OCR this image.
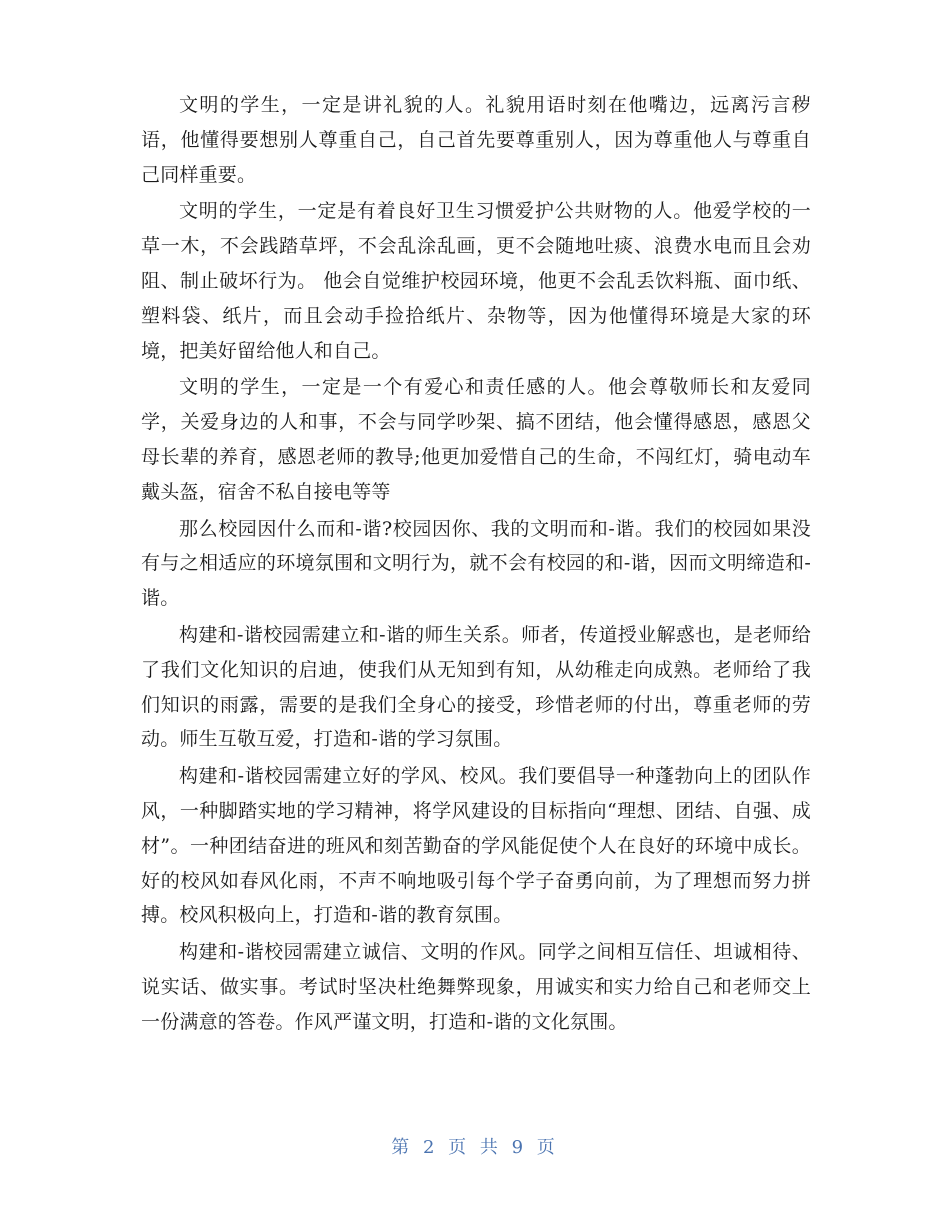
文明的学生，一定是讲礼貌的人。礼貌用语时刻在他嘴边，远离污言秽语，他懂得要想别人尊重自己，自己首先要尊重别人，因为尊重他人与尊重自己同样重要。

文明的学生，一定是有着良好卫生习惯爱护公共财物的人。他爱学校的一草一木，不会践踏草坪，不会乱涂乱画，更不会随地吐痰、浪费水电而且会劝阻、制止破坏行为。 他会自觉维护校园环境，他更不会乱丢饮料瓶、面巾纸、塑料袋、纸片，而且会动手捡拾纸片、杂物等，因为他懂得环境是大家的环境，把美好留给他人和自己。

文明的学生，一定是一个有爱心和责任感的人。他会尊敬师长和友爱同学，关爱身边的人和事，不会与同学吵架、搞不团结，他会懂得感恩，感恩父母长辈的养育，感恩老师的教导;他更加爱惜自己的生命，不闯红灯，骑电动车戴头盔，宿舍不私自接电等等

那么校园因什么而和-谐?校园因你、我的文明而和-谐。我们的校园如果没有与之相适应的环境氛围和文明行为，就不会有校园的和-谐，因而文明缔造和-谐。

构建和-谐校园需建立和-谐的师生关系。师者，传道授业解惑也，是老师给了我们文化知识的启迪，使我们从无知到有知，从幼稚走向成熟。老师给了我们知识的雨露，需要的是我们全身心的接受，珍惜老师的付出，尊重老师的劳动。师生互敬互爱，打造和-谐的学习氛围。

构建和-谐校园需建立好的学风、校风。我们要倡导一种蓬勃向上的团队作风，一种脚踏实地的学习精神，将学风建设的目标指向“理想、团结、自强、成材”。一种团结奋进的班风和刻苦勤奋的学风能促使个人在良好的环境中成长。好的校风如春风化雨，不声不响地吸引每个学子奋勇向前，为了理想而努力拼搏。校风积极向上，打造和-谐的教育氛围。

构建和-谐校园需建立诚信、文明的作风。同学之间相互信任、坦诚相待、说实话、做实事。考试时坚决杜绝舞弊现象，用诚实和实力给自己和老师交上一份满意的答卷。作风严谨文明，打造和-谐的文化氛围。

第 2 页 共 9 页
